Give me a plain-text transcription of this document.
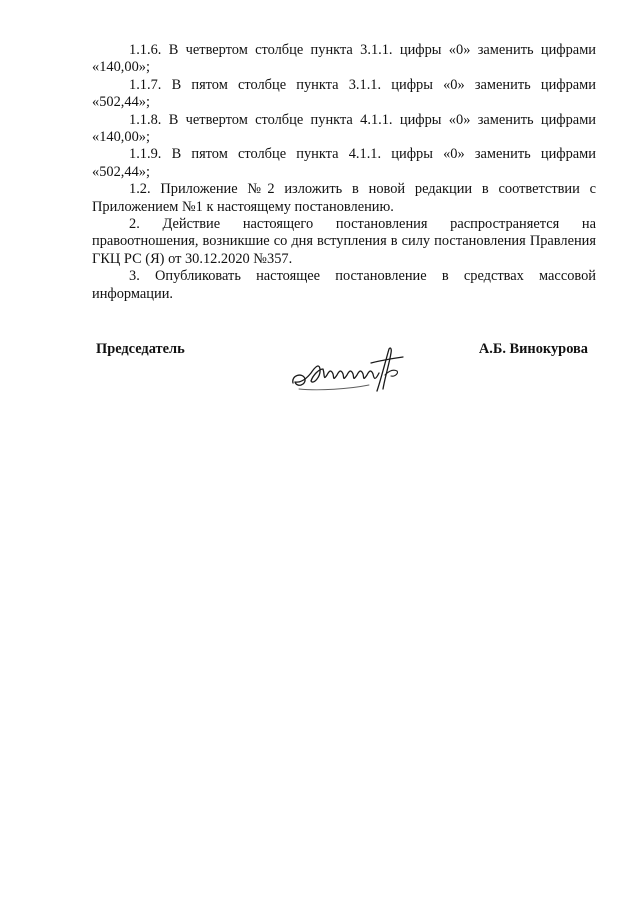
1.1.6. В четвертом столбце пункта 3.1.1. цифры «0» заменить цифрами «140,00»;

1.1.7. В пятом столбце пункта 3.1.1. цифры «0» заменить цифрами «502,44»;

1.1.8. В четвертом столбце пункта 4.1.1. цифры «0» заменить цифрами «140,00»;

1.1.9. В пятом столбце пункта 4.1.1. цифры «0» заменить цифрами «502,44»;

1.2. Приложение №2 изложить в новой редакции в соответствии с Приложением №1 к настоящему постановлению.

2. Действие настоящего постановления распространяется на правоотношения, возникшие со дня вступления в силу постановления Правления ГКЦ РС (Я) от 30.12.2020 №357.

3. Опубликовать настоящее постановление в средствах массовой информации.

Председатель	А.Б. Винокурова
